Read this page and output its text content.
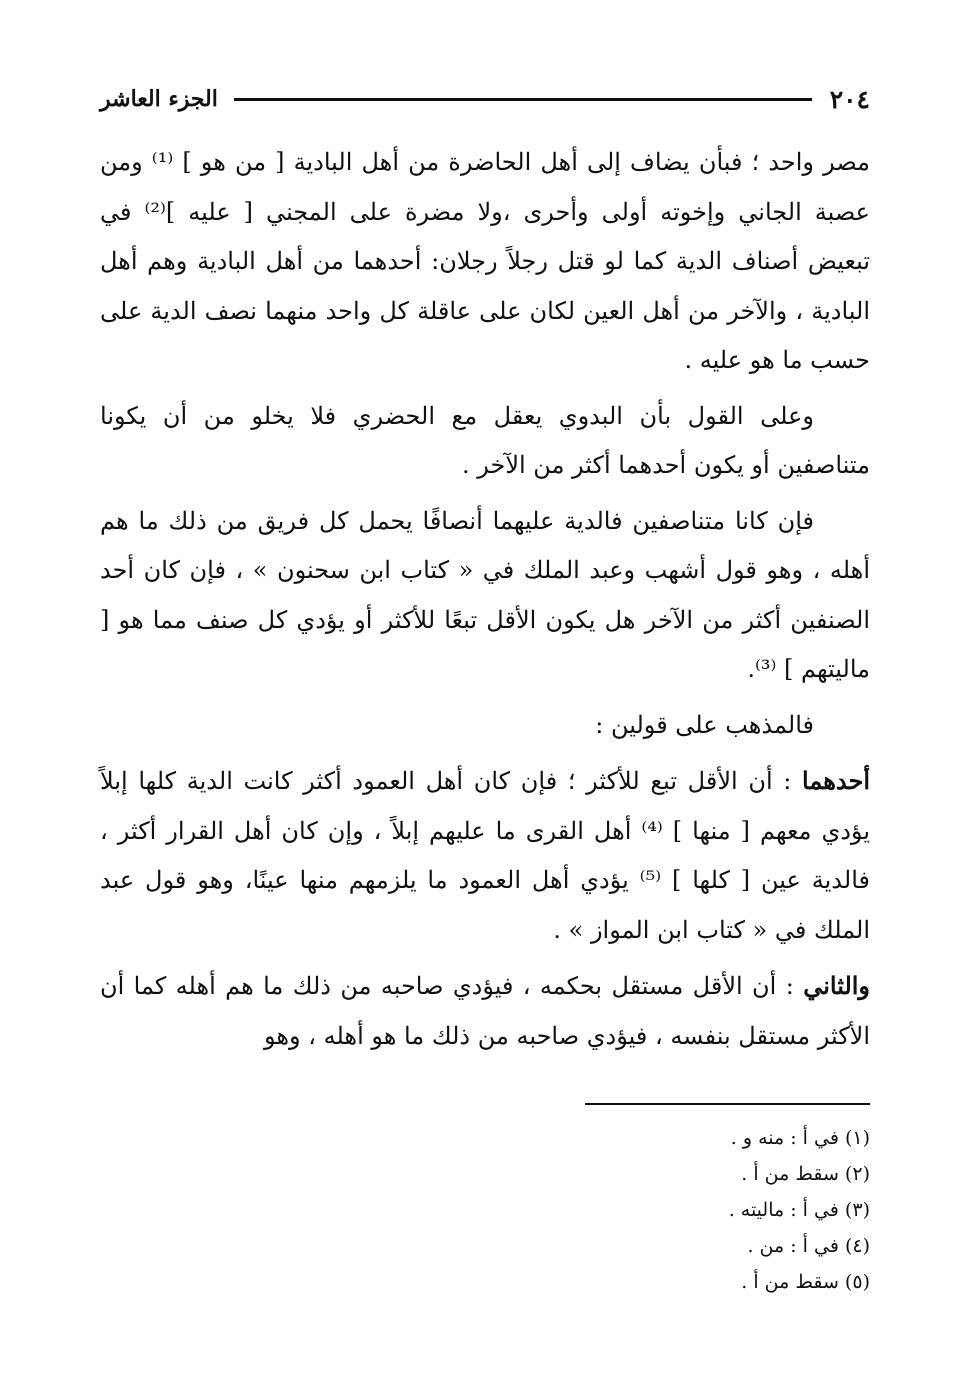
٢٠٤
الجزء العاشر

مصر واحد ؛ فبأن يضاف إلى أهل الحاضرة من أهل البادية [ من هو ] ⁽¹⁾ ومن عصبة الجاني وإخوته أولى وأحرى ،ولا مضرة على المجني [ عليه ]⁽²⁾ في تبعيض أصناف الدية كما لو قتل رجلاً رجلان: أحدهما من أهل البادية وهم أهل البادية ، والآخر من أهل العين لكان على عاقلة كل واحد منهما نصف الدية على حسب ما هو عليه .

وعلى القول بأن البدوي يعقل مع الحضري فلا يخلو من أن يكونا متناصفين أو يكون أحدهما أكثر من الآخر .

فإن كانا متناصفين فالدية عليهما أنصافًا يحمل كل فريق من ذلك ما هم أهله ، وهو قول أشهب وعبد الملك في « كتاب ابن سحنون » ، فإن كان أحد الصنفين أكثر من الآخر هل يكون الأقل تبعًا للأكثر أو يؤدي كل صنف مما هو [ ماليتهم ] ⁽³⁾.

فالمذهب على قولين :

أحدهما : أن الأقل تبع للأكثر ؛ فإن كان أهل العمود أكثر كانت الدية كلها إبلاً يؤدي معهم [ منها ] ⁽⁴⁾ أهل القرى ما عليهم إبلاً ، وإن كان أهل القرار أكثر ، فالدية عين [ كلها ] ⁽⁵⁾ يؤدي أهل العمود ما يلزمهم منها عينًا، وهو قول عبد الملك في « كتاب ابن المواز » .

والثاني : أن الأقل مستقل بحكمه ، فيؤدي صاحبه من ذلك ما هم أهله كما أن الأكثر مستقل بنفسه ، فيؤدي صاحبه من ذلك ما هو أهله ، وهو

(١) في أ : منه و .

(٢) سقط من أ .

(٣) في أ : ماليته .

(٤) في أ : من .

(٥) سقط من أ .
